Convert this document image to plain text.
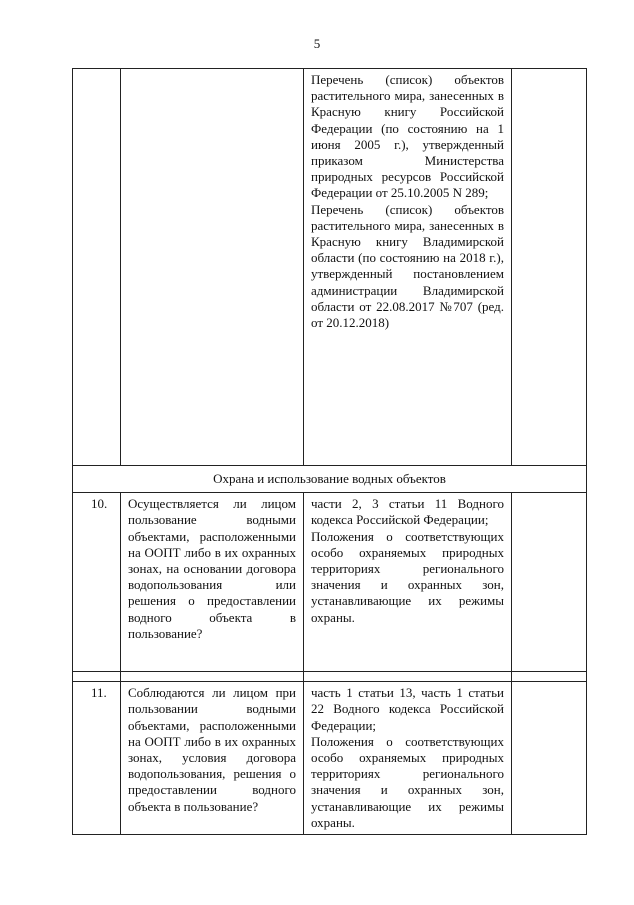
5

		Перечень (список) объектов растительного мира, занесенных в Красную книгу Российской Федерации (по состоянию на 1 июня 2005 г.), утвержденный приказом Министерства природных ресурсов Российской Федерации от 25.10.2005 N 289;
Перечень (список) объектов растительного мира, занесенных в Красную книгу Владимирской области (по состоянию на 2018 г.), утвержденный постановлением администрации Владимирской области от 22.08.2017 №707 (ред. от 20.12.2018)	

Охрана и использование водных объектов			
10.	Осуществляется ли лицом пользование водными объектами, расположенными на ООПТ либо в их охранных зонах, на основании договора водопользования или решения о предоставлении водного объекта в пользование?	части 2, 3 статьи 11 Водного кодекса Российской Федерации;
Положения о соответствующих особо охраняемых природных территориях регионального значения и охранных зон, устанавливающие их режимы охраны.	

11.	Соблюдаются ли лицом при пользовании водными объектами, расположенными на ООПТ либо в их охранных зонах, условия договора водопользования, решения о предоставлении водного объекта в пользование?	часть 1 статьи 13, часть 1 статьи 22 Водного кодекса Российской Федерации;
Положения о соответствующих особо охраняемых природных территориях регионального значения и охранных зон, устанавливающие их режимы охраны.	
